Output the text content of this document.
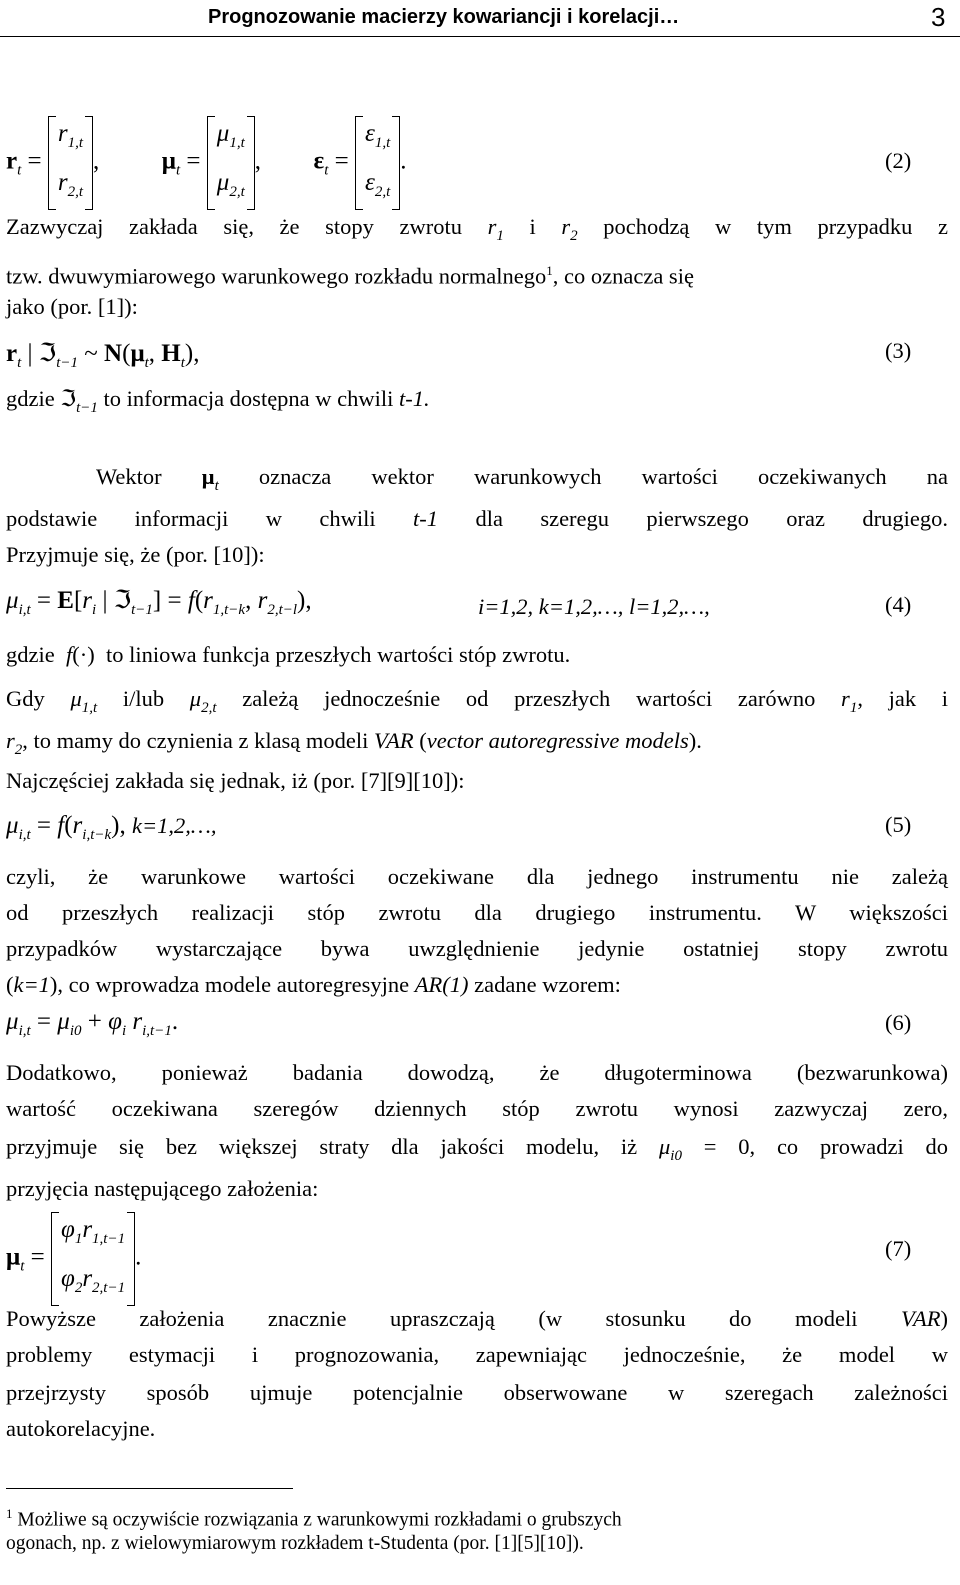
Prognozowanie macierzy kowariancji i korelacji…	3
$r_t$ =
$r_{1,t}$
$r_{2,t}$
,  $\mu_t$ =
$\mu_{1,t}$
$\mu_{2,t}$
,  $\varepsilon_t$ =
$\varepsilon_{1,t}$
$\varepsilon_{2,t}$
.	(2)
Zazwyczaj zakłada się, że stopy zwrotu $r_1$ i $r_2$ pochodzą w tym przypadku z
tzw. dwuwymiarowego warunkowego rozkładu normalnego$^1$, co oznacza się
jako (por. [1]):
$r_t$ | ℑ$_{t-1}$ ~ $N(\mu_t$, $H_t$),	(3)
gdzie ℑ$_{t-1}$ to informacja dostępna w chwili t-1.
Wektor $\mu_t$ oznacza wektor warunkowych wartości oczekiwanych na
podstawie informacji w chwili t-1 dla szeregu pierwszego oraz drugiego.
Przyjmuje się, że (por. [10]):
$\mu_{i,t} = E[r_i$ | ℑ$_{t-1}$] = $f(r_{1,t-k}$, $r_{2,t-l}$),	i=1,2, k=1,2,…, l=1,2,…,	(4)
gdzie f(·)  to liniowa funkcja przeszłych wartości stóp zwrotu.
Gdy $\mu_{1,t}$ i/lub $\mu_{2,t}$ zależą jednocześnie od przeszłych wartości zarówno $r_1$, jak i
$r_2$, to mamy do czynienia z klasą modeli VAR (vector autoregressive models).
Najczęściej zakłada się jednak, iż (por. [7][9][10]):
$\mu_{i,t} = f(r_{i,t-k})$, k=1,2,…,	(5)
czyli, że warunkowe wartości oczekiwane dla jednego instrumentu nie zależą
od przeszłych realizacji stóp zwrotu dla drugiego instrumentu. W większości
przypadków wystarczające bywa uwzględnienie jedynie ostatniej stopy zwrotu
(k=1), co wprowadza modele autoregresyjne AR(1) zadane wzorem:
$\mu_{i,t} = \mu_{i0} + \varphi_i$ $r_{i,t-1}$.	(6)
Dodatkowo, ponieważ badania dowodzą, że długoterminowa (bezwarunkowa)
wartość oczekiwana szeregów dziennych stóp zwrotu wynosi zazwyczaj zero,
przyjmuje się bez większej straty dla jakości modelu, iż $\mu_{i0} = 0$, co prowadzi do
przyjęcia następującego założenia:
$\mu_t$ =
$\varphi_1r_{1,t-1}$
$\varphi_2r_{2,t-1}$
.	(7)
Powyższe założenia znacznie upraszczają (w stosunku do modeli VAR)
problemy estymacji i prognozowania, zapewniając jednocześnie, że model w
przejrzysty sposób ujmuje potencjalnie obserwowane w szeregach zależności
autokorelacyjne.
$^1$ Możliwe są oczywiście rozwiązania z warunkowymi rozkładami o grubszych
ogonach, np. z wielowymiarowym rozkładem t-Studenta (por. [1][5][10]).
